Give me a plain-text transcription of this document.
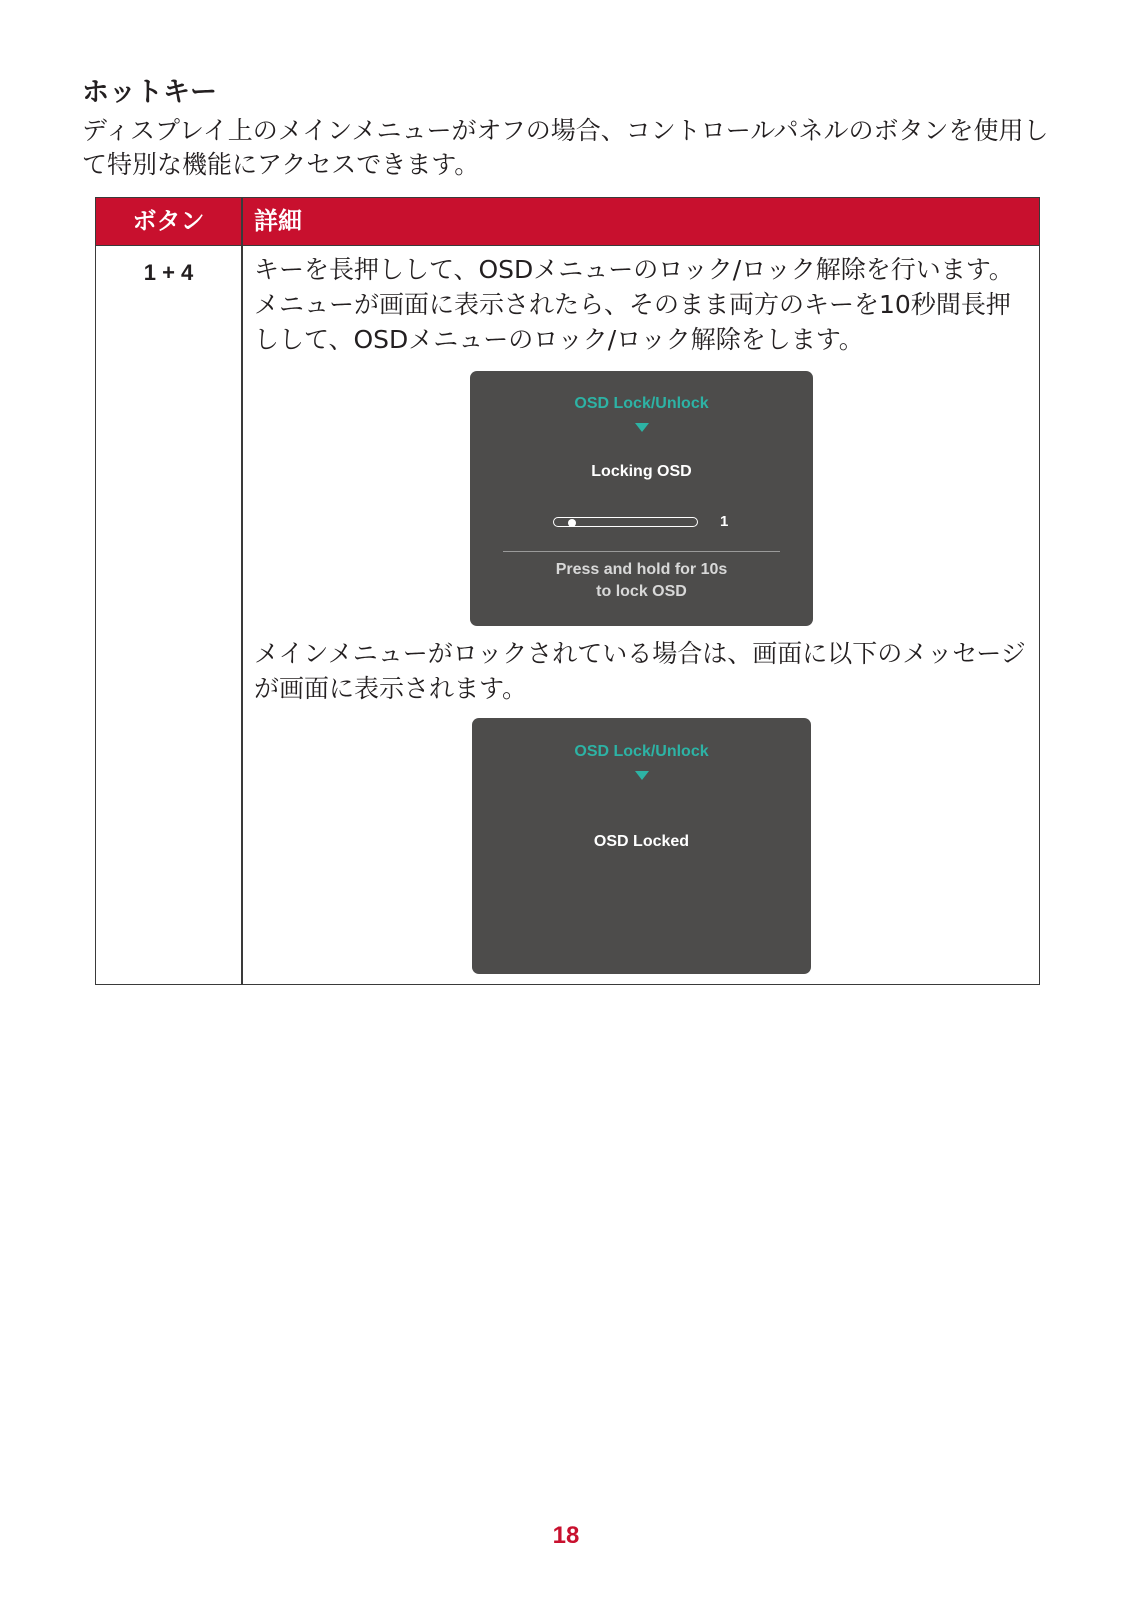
ホットキー

ディスプレイ上のメインメニューがオフの場合、コントロールパネルのボタンを使用して特別な機能にアクセスできます。

ボタン	詳細
1 + 4	キーを長押しして、OSDメニューのロック/ロック解除を行います。メニューが画面に表示されたら、そのまま両方のキーを10秒間長押しして、OSDメニューのロック/ロック解除をします。

OSD Lock/Unlock
Locking OSD
1
Press and hold for 10s
to lock OSD

メインメニューがロックされている場合は、画面に以下のメッセージが画面に表示されます。

OSD Lock/Unlock
OSD Locked
18
